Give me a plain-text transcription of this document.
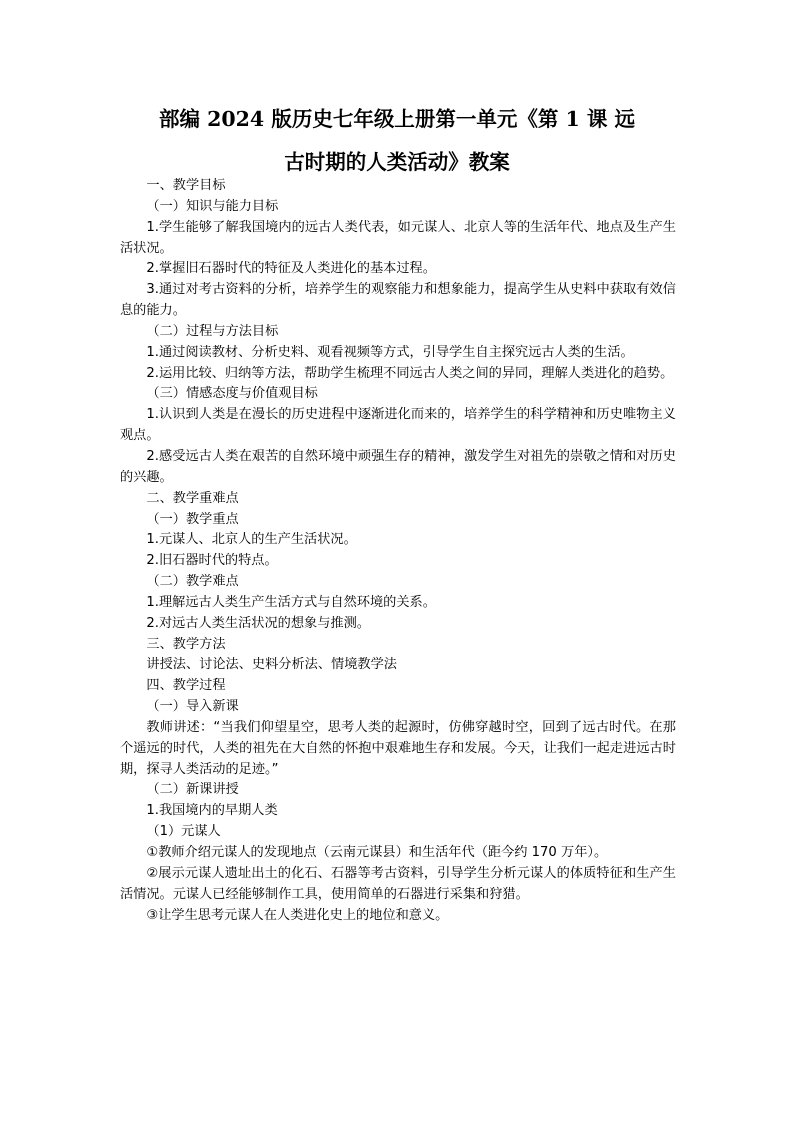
部编 2024 版历史七年级上册第一单元《第 1 课 远
古时期的人类活动》教案

一、教学目标

（一）知识与能力目标

1.学生能够了解我国境内的远古人类代表，如元谋人、北京人等的生活年代、地点及生产生活状况。

2.掌握旧石器时代的特征及人类进化的基本过程。

3.通过对考古资料的分析，培养学生的观察能力和想象能力，提高学生从史料中获取有效信息的能力。

（二）过程与方法目标

1.通过阅读教材、分析史料、观看视频等方式，引导学生自主探究远古人类的生活。

2.运用比较、归纳等方法，帮助学生梳理不同远古人类之间的异同，理解人类进化的趋势。

（三）情感态度与价值观目标

1.认识到人类是在漫长的历史进程中逐渐进化而来的，培养学生的科学精神和历史唯物主义观点。

2.感受远古人类在艰苦的自然环境中顽强生存的精神，激发学生对祖先的崇敬之情和对历史的兴趣。

二、教学重难点

（一）教学重点

1.元谋人、北京人的生产生活状况。

2.旧石器时代的特点。

（二）教学难点

1.理解远古人类生产生活方式与自然环境的关系。

2.对远古人类生活状况的想象与推测。

三、教学方法

讲授法、讨论法、史料分析法、情境教学法

四、教学过程

（一）导入新课

教师讲述：“当我们仰望星空，思考人类的起源时，仿佛穿越时空，回到了远古时代。在那个遥远的时代，人类的祖先在大自然的怀抱中艰难地生存和发展。今天，让我们一起走进远古时期，探寻人类活动的足迹。”

（二）新课讲授

1.我国境内的早期人类

（1）元谋人

①教师介绍元谋人的发现地点（云南元谋县）和生活年代（距今约 170 万年）。

②展示元谋人遗址出土的化石、石器等考古资料，引导学生分析元谋人的体质特征和生产生活情况。元谋人已经能够制作工具，使用简单的石器进行采集和狩猎。

③让学生思考元谋人在人类进化史上的地位和意义。
